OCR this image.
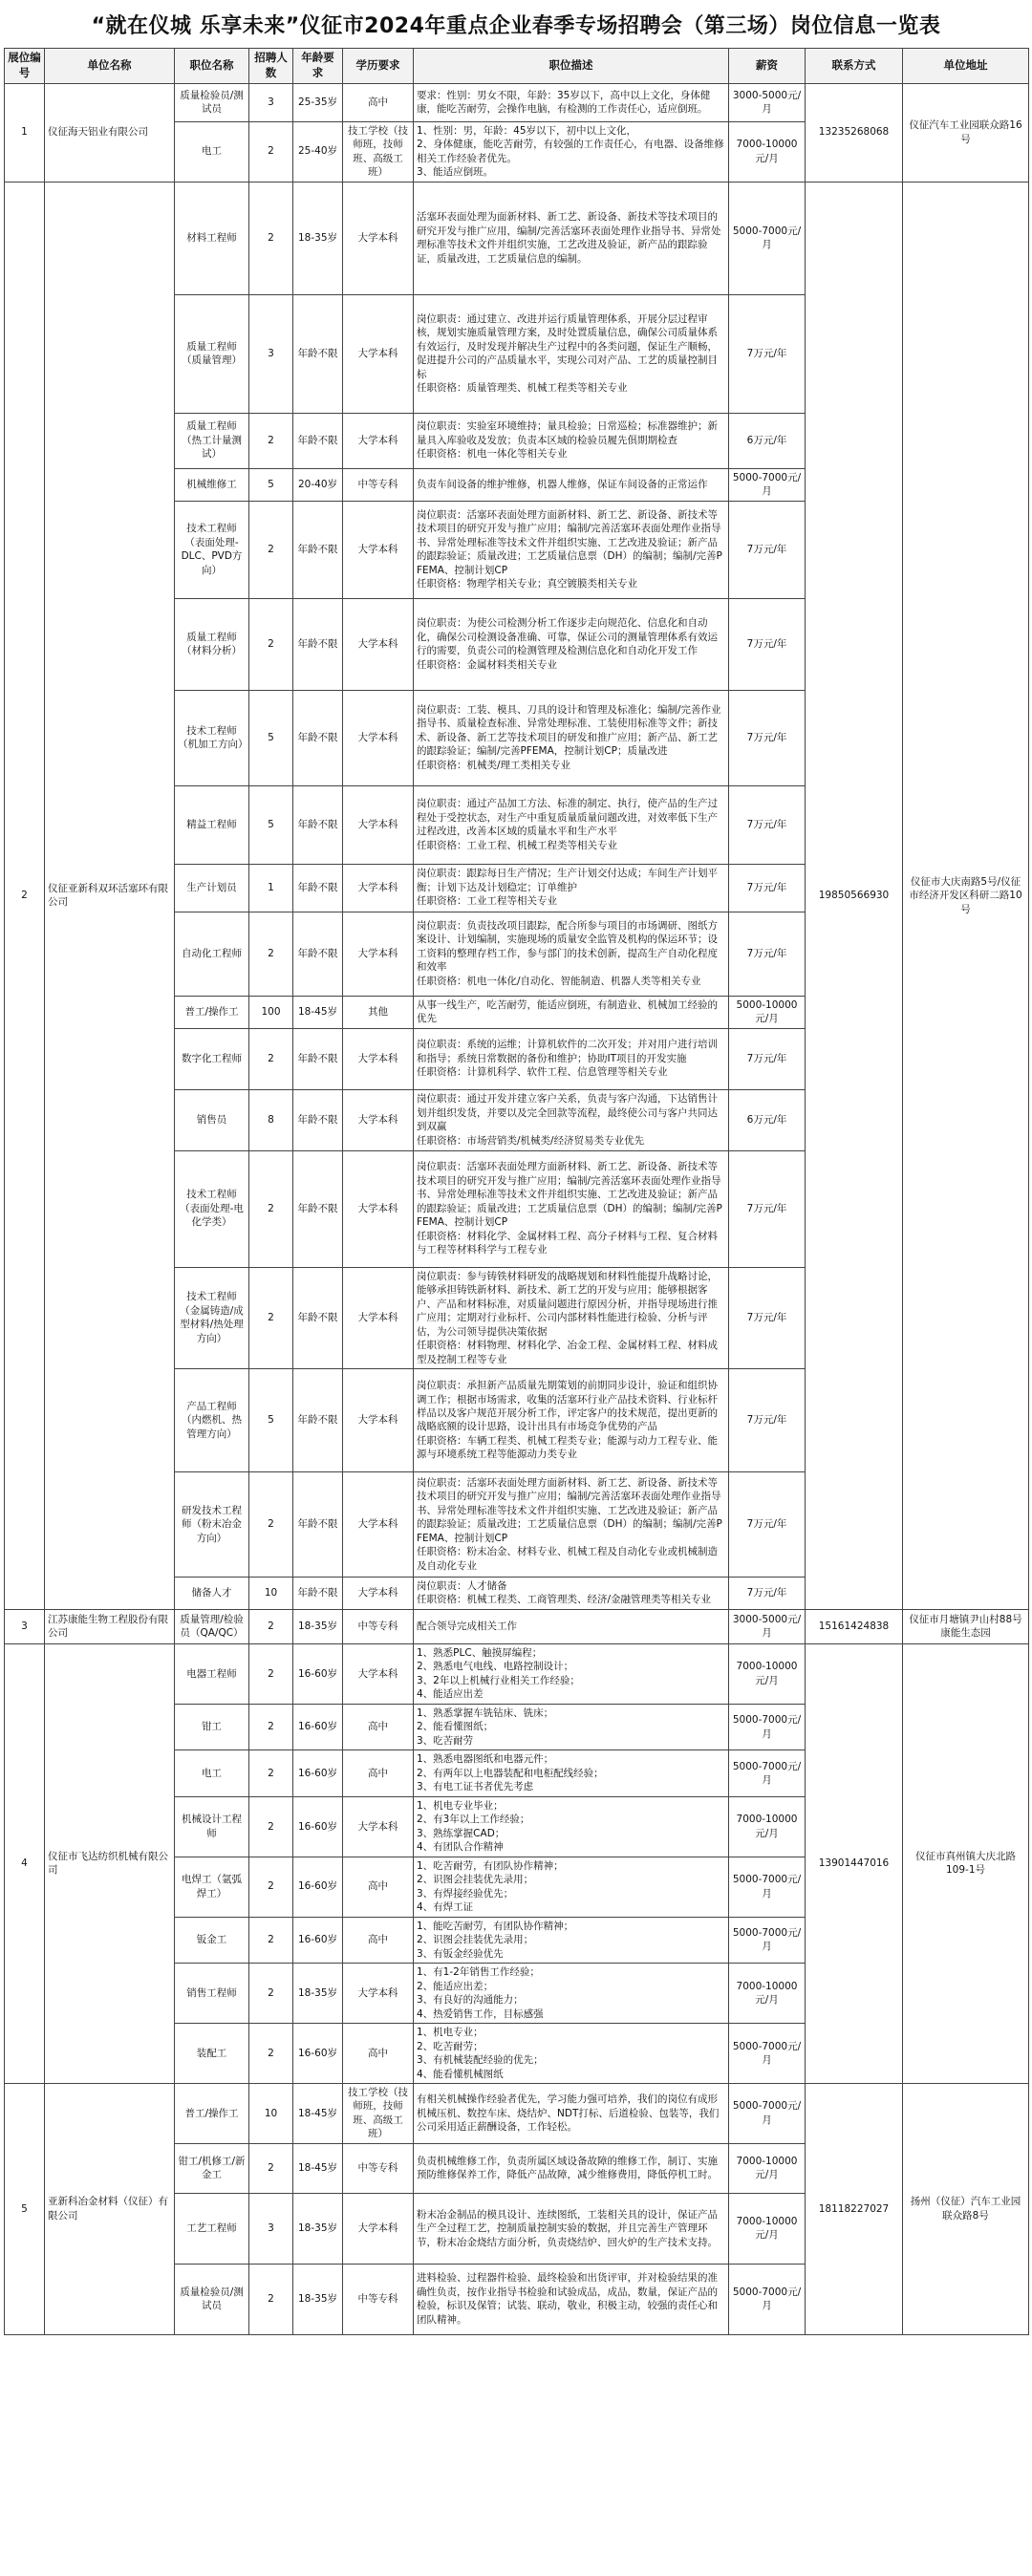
“就在仪城 乐享未来”仪征市2024年重点企业春季专场招聘会（第三场）岗位信息一览表
展位编号	单位名称	职位名称	招聘人数	年龄要求	学历要求	职位描述	薪资	联系方式	单位地址
1	仪征海天铝业有限公司	质量检验员/测试员	3	25-35岁	高中	要求：性别：男女不限，年龄：35岁以下，高中以上文化，身体健康，能吃苦耐劳，会操作电脑，有检测的工作责任心，适应倒班。	3000-5000元/月	13235268068	仪征汽车工业园联众路16号
		电工	2	25-40岁	技工学校（技师班，技师班、高级工班）	1、性别：男，年龄：45岁以下，初中以上文化，
2、身体健康，能吃苦耐劳，有较强的工作责任心，有电器、设备维修相关工作经验者优先。
3、能适应倒班。	7000-10000元/月		
2	仪征亚新科双环活塞环有限公司	材料工程师	2	18-35岁	大学本科	活塞环表面处理为面新材料、新工艺、新设备、新技术等技术项目的研究开发与推广应用，编制/完善活塞环表面处理作业指导书、异常处理标准等技术文件并组织实施，工艺改进及验证，新产品的跟踪验证，质量改进，工艺质量信息的编制。	5000-7000元/月	19850566930	仪征市大庆南路5号/仪征市经济开发区科研二路10号
		质量工程师（质量管理）	3	年龄不限	大学本科	岗位职责：通过建立、改进并运行质量管理体系，开展分层过程审核，规划实施质量管理方案，及时处置质量信息，确保公司质量体系有效运行，及时发现并解决生产过程中的各类问题，保证生产顺畅，促进提升公司的产品质量水平，实现公司对产品、工艺的质量控制目标
任职资格：质量管理类、机械工程类等相关专业	7万元/年		
		质量工程师（热工计量测试）	2	年龄不限	大学本科	岗位职责：实验室环境维持；量具检验；日常巡检；标准器维护；新量具入库验收及发放；负责本区域的检验员履先俱期期检查
任职资格：机电一体化等相关专业	6万元/年		
		机械维修工	5	20-40岁	中等专科	负责车间设备的维护维修，机器人维修，保证车间设备的正常运作	5000-7000元/月		
		技术工程师（表面处理-DLC、PVD方向）	2	年龄不限	大学本科	岗位职责：活塞环表面处理方面新材料、新工艺、新设备、新技术等技术项目的研究开发与推广应用；编制/完善活塞环表面处理作业指导书、异常处理标准等技术文件并组织实施、工艺改进及验证；新产品的跟踪验证；质量改进；工艺质量信息票（DH）的编制；编制/完善PFEMA、控制计划CP
任职资格：物理学相关专业；真空镀膜类相关专业	7万元/年		
		质量工程师（材料分析）	2	年龄不限	大学本科	岗位职责：为使公司检测分析工作逐步走向规范化、信息化和自动化，确保公司检测设备准确、可靠，保证公司的测量管理体系有效运行的需要，负责公司的检测管理及检测信息化和自动化开发工作
任职资格：金属材料类相关专业	7万元/年		
		技术工程师（机加工方向）	5	年龄不限	大学本科	岗位职责：工装、模具、刀具的设计和管理及标准化；编制/完善作业指导书、质量检查标准、异常处理标准、工装使用标准等文件；新技术、新设备、新工艺等技术项目的研发和推广应用；新产品、新工艺的跟踪验证；编制/完善PFEMA，控制计划CP；质量改进
任职资格：机械类/理工类相关专业	7万元/年		
		精益工程师	5	年龄不限	大学本科	岗位职责：通过产品加工方法、标准的制定、执行，使产品的生产过程处于受控状态，对生产中重复质量质量问题改进，对效率低下生产过程改进，改善本区域的质量水平和生产水平
任职资格：工业工程、机械工程类等相关专业	7万元/年		
		生产计划员	1	年龄不限	大学本科	岗位职责：跟踪每日生产情况；生产计划交付达成；车间生产计划平衡；计划下达及计划稳定；订单维护
任职资格：工业工程等相关专业	7万元/年		
		自动化工程师	2	年龄不限	大学本科	岗位职责：负责技改项目跟踪，配合所参与项目的市场调研、图纸方案设计、计划编制，实施现场的质量安全监管及机构的保运环节；设工资料的整理存档工作，参与部门的技术创新，提高生产自动化程度和效率
任职资格：机电一体化/自动化、智能制造、机器人类等相关专业	7万元/年		
		普工/操作工	100	18-45岁	其他	从事一线生产，吃苦耐劳，能适应倒班，有制造业、机械加工经验的优先	5000-10000元/月		
		数字化工程师	2	年龄不限	大学本科	岗位职责：系统的运维；计算机软件的二次开发；并对用户进行培训和指导；系统日常数据的备份和维护；协助IT项目的开发实施
任职资格：计算机科学、软件工程、信息管理等相关专业	7万元/年		
		销售员	8	年龄不限	大学本科	岗位职责：通过开发并建立客户关系，负责与客户沟通，下达销售计划并组织发货，并要以及完全回款等流程，最终使公司与客户共同达到双赢
任职资格：市场营销类/机械类/经济贸易类专业优先	6万元/年		
		技术工程师（表面处理-电化学类）	2	年龄不限	大学本科	岗位职责：活塞环表面处理方面新材料、新工艺、新设备、新技术等技术项目的研究开发与推广应用；编制/完善活塞环表面处理作业指导书、异常处理标准等技术文件并组织实施、工艺改进及验证；新产品的跟踪验证；质量改进；工艺质量信息票（DH）的编制；编制/完善PFEMA、控制计划CP
任职资格：材料化学、金属材料工程、高分子材料与工程、复合材料与工程等材料科学与工程专业	7万元/年		
		技术工程师（金属铸造/成型材料/热处理方向）	2	年龄不限	大学本科	岗位职责：参与铸铁材料研发的战略规划和材料性能提升战略讨论，能够承担铸铁新材料、新技术、新工艺的开发与应用；能够根据客户、产品和材料标准，对质量问题进行原因分析，并指导现场进行推广应用；定期对行业标杆、公司内部材料性能进行检验、分析与评估，为公司领导提供决策依据
任职资格：材料物理、材料化学、冶金工程、金属材料工程、材料成型及控制工程等专业	7万元/年		
		产品工程师（内燃机、热管理方向）	5	年龄不限	大学本科	岗位职责：承担新产品质量先期策划的前期同步设计，验证和组织协调工作；根据市场需求，收集的活塞环行业产品技术资料、行业标杆样品以及客户规范开展分析工作，评定客户的技术规范，提出更新的战略底额的设计思路，设计出具有市场竞争优势的产品
任职资格：车辆工程类、机械工程类专业；能源与动力工程专业、能源与环境系统工程等能源动力类专业	7万元/年		
		研发技术工程师（粉末冶金方向）	2	年龄不限	大学本科	岗位职责：活塞环表面处理方面新材料、新工艺、新设备、新技术等技术项目的研究开发与推广应用；编制/完善活塞环表面处理作业指导书、异常处理标准等技术文件并组织实施、工艺改进及验证；新产品的跟踪验证；质量改进；工艺质量信息票（DH）的编制；编制/完善PFEMA、控制计划CP
任职资格：粉末冶金、材料专业、机械工程及自动化专业或机械制造及自动化专业	7万元/年		
		储备人才	10	年龄不限	大学本科	岗位职责：人才储备
任职资格：机械工程类、工商管理类、经济/金融管理类等相关专业	7万元/年		
3	江苏康能生物工程股份有限公司	质量管理/检验员（QA/QC）	2	18-35岁	中等专科	配合领导完成相关工作	3000-5000元/月	15161424838	仪征市月塘镇尹山村88号 康能生态园
4	仪征市飞达纺织机械有限公司	电器工程师	2	16-60岁	大学本科	1、熟悉PLC、触摸屏编程；
2、熟悉电气电线、电路控制设计；
3、2年以上机械行业相关工作经验；
4、能适应出差	7000-10000元/月	13901447016	仪征市真州镇大庆北路109-1号
		钳工	2	16-60岁	高中	1、熟悉掌握车铣钻床、铣床；
2、能看懂图纸；
3、吃苦耐劳	5000-7000元/月		
		电工	2	16-60岁	高中	1、熟悉电器图纸和电器元件；
2、有两年以上电器装配和电柜配线经验；
3、有电工证书者优先考虑	5000-7000元/月		
		机械设计工程师	2	16-60岁	大学本科	1、机电专业毕业；
2、有3年以上工作经验；
3、熟练掌握CAD；
4、有团队合作精神	7000-10000元/月		
		电焊工（氩弧焊工）	2	16-60岁	高中	1、吃苦耐劳，有团队协作精神；
2、识图会挂装优先录用；
3、有焊接经验优先；
4、有焊工证	5000-7000元/月		
		钣金工	2	16-60岁	高中	1、能吃苦耐劳，有团队协作精神；
2、识图会挂装优先录用；
3、有钣金经验优先	5000-7000元/月		
		销售工程师	2	18-35岁	大学本科	1、有1-2年销售工作经验；
2、能适应出差；
3、有良好的沟通能力；
4、热爱销售工作，目标感强	7000-10000元/月		
		装配工	2	16-60岁	高中	1、机电专业；
2、吃苦耐劳；
3、有机械装配经验的优先；
4、能看懂机械图纸	5000-7000元/月		
5	亚新科冶金材料（仪征）有限公司	普工/操作工	10	18-45岁	技工学校（技师班，技师班、高级工班）	有相关机械操作经验者优先，学习能力强可培养，我们的岗位有成形机械压机、数控车床、烧结炉、NDT打标、后道检验、包装等，我们公司采用适正薪酬设备，工作轻松。	5000-7000元/月	18118227027	扬州（仪征）汽车工业园联众路8号
		钳工/机修工/新金工	2	18-45岁	中等专科	负责机械维修工作，负责所属区域设备故障的维修工作，制订、实施预防维修保养工作，降低产品故障，减少维修费用，降低停机工时。	7000-10000元/月		
		工艺工程师	3	18-35岁	大学本科	粉末冶金制品的模具设计、连续图纸，工装相关具的设计，保证产品生产全过程工艺，控制质量控制实验的数据，并且完善生产管理环节，粉末冶金烧结方面分析，负责烧结炉、回火炉的生产技术支持。	7000-10000元/月		
		质量检验员/测试员	2	18-35岁	中等专科	进料检验、过程器件检验、最终检验和出货评审，并对检验结果的准确性负责，按作业指导书检验和试验成品，成品，数量，保证产品的检验，标识及保管；试装、联动，敬业，积极主动，较强的责任心和团队精神。	5000-7000元/月		
